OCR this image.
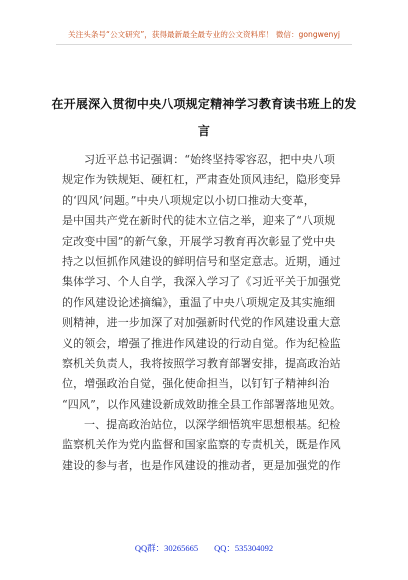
关注头条号“公文研究”，获得最新最全最专业的公文资料库！ 微信：gongwenyj
在开展深入贯彻中央八项规定精神学习教育读书班上的发
言
习近平总书记强调：“始终坚持零容忍，把中央八项
规定作为铁规矩、硬杠杠，严肃查处顶风违纪，隐形变异
的‘四风’问题。”中央八项规定以小切口推动大变革，
是中国共产党在新时代的徒木立信之举，迎来了“八项规
定改变中国”的新气象，开展学习教育再次彰显了党中央
持之以恒抓作风建设的鲜明信号和坚定意志。近期，通过
集体学习、个人自学，我深入学习了《习近平关于加强党
的作风建设论述摘编》，重温了中央八项规定及其实施细
则精神，进一步加深了对加强新时代党的作风建设重大意
义的领会，增强了推进作风建设的行动自觉。作为纪检监
察机关负责人，我将按照学习教育部署安排，提高政治站
位，增强政治自觉，强化使命担当，以钉钉子精神纠治
“四风”，以作风建设新成效助推全县工作部署落地见效。
一、提高政治站位，以深学细悟筑牢思想根基。纪检
监察机关作为党内监督和国家监察的专责机关，既是作风
建设的参与者，也是作风建设的推动者，更是加强党的作
QQ群：30265665 QQ：535304092
